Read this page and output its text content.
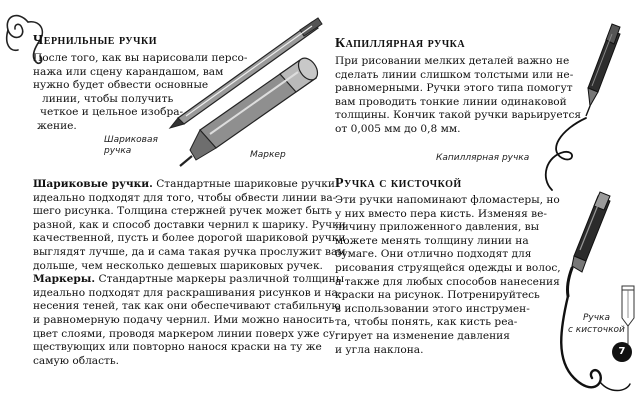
7
Чернильные ручки
После того, как вы нарисовали персо-
нажа или сцену карандашом, вам
нужно будет обвести основные
линии, чтобы получить
четкое и цельное изобра-
жение.
Шариковая
ручка	Маркер
Капиллярная ручка
При рисовании мелких деталей важно не
сделать линии слишком толстыми или не-
равномерными. Ручки этого типа помогут
вам проводить тонкие линии одинаковой
толщины. Кончик такой ручки варьируется
от 0,005 мм до 0,8 мм.
Капиллярная ручка
Шариковые ручки. Стандартные шариковые ручки
идеально подходят для того, чтобы обвести линии ва-
шего рисунка. Толщина стержней ручек может быть
разной, как и способ доставки чернил к шарику. Ручки
качественной, пусть и более дорогой шариковой ручки
выглядят лучше, да и сама такая ручка прослужит вам
дольше, чем несколько дешевых шариковых ручек.
Маркеры. Стандартные маркеры различной толщины
идеально подходят для раскрашивания рисунков и на-
несения теней, так как они обеспечивают стабильную
и равномерную подачу чернил. Ими можно наносить
цвет слоями, проводя маркером линии поверх уже су-
ществующих или повторно нанося краски на ту же
самую область.
Ручка с кисточкой
Эти ручки напоминают фломастеры, но
у них вместо пера кисть. Изменяя ве-
личину приложенного давления, вы
можете менять толщину линии на
бумаге. Они отлично подходят для
рисования струящейся одежды и волос,
а также для любых способов нанесения
краски на рисунок. Потренируйтесь
в использовании этого инструмен-
та, чтобы понять, как кисть реа-
гирует на изменение давления
и угла наклона.
Ручка
с кисточкой
